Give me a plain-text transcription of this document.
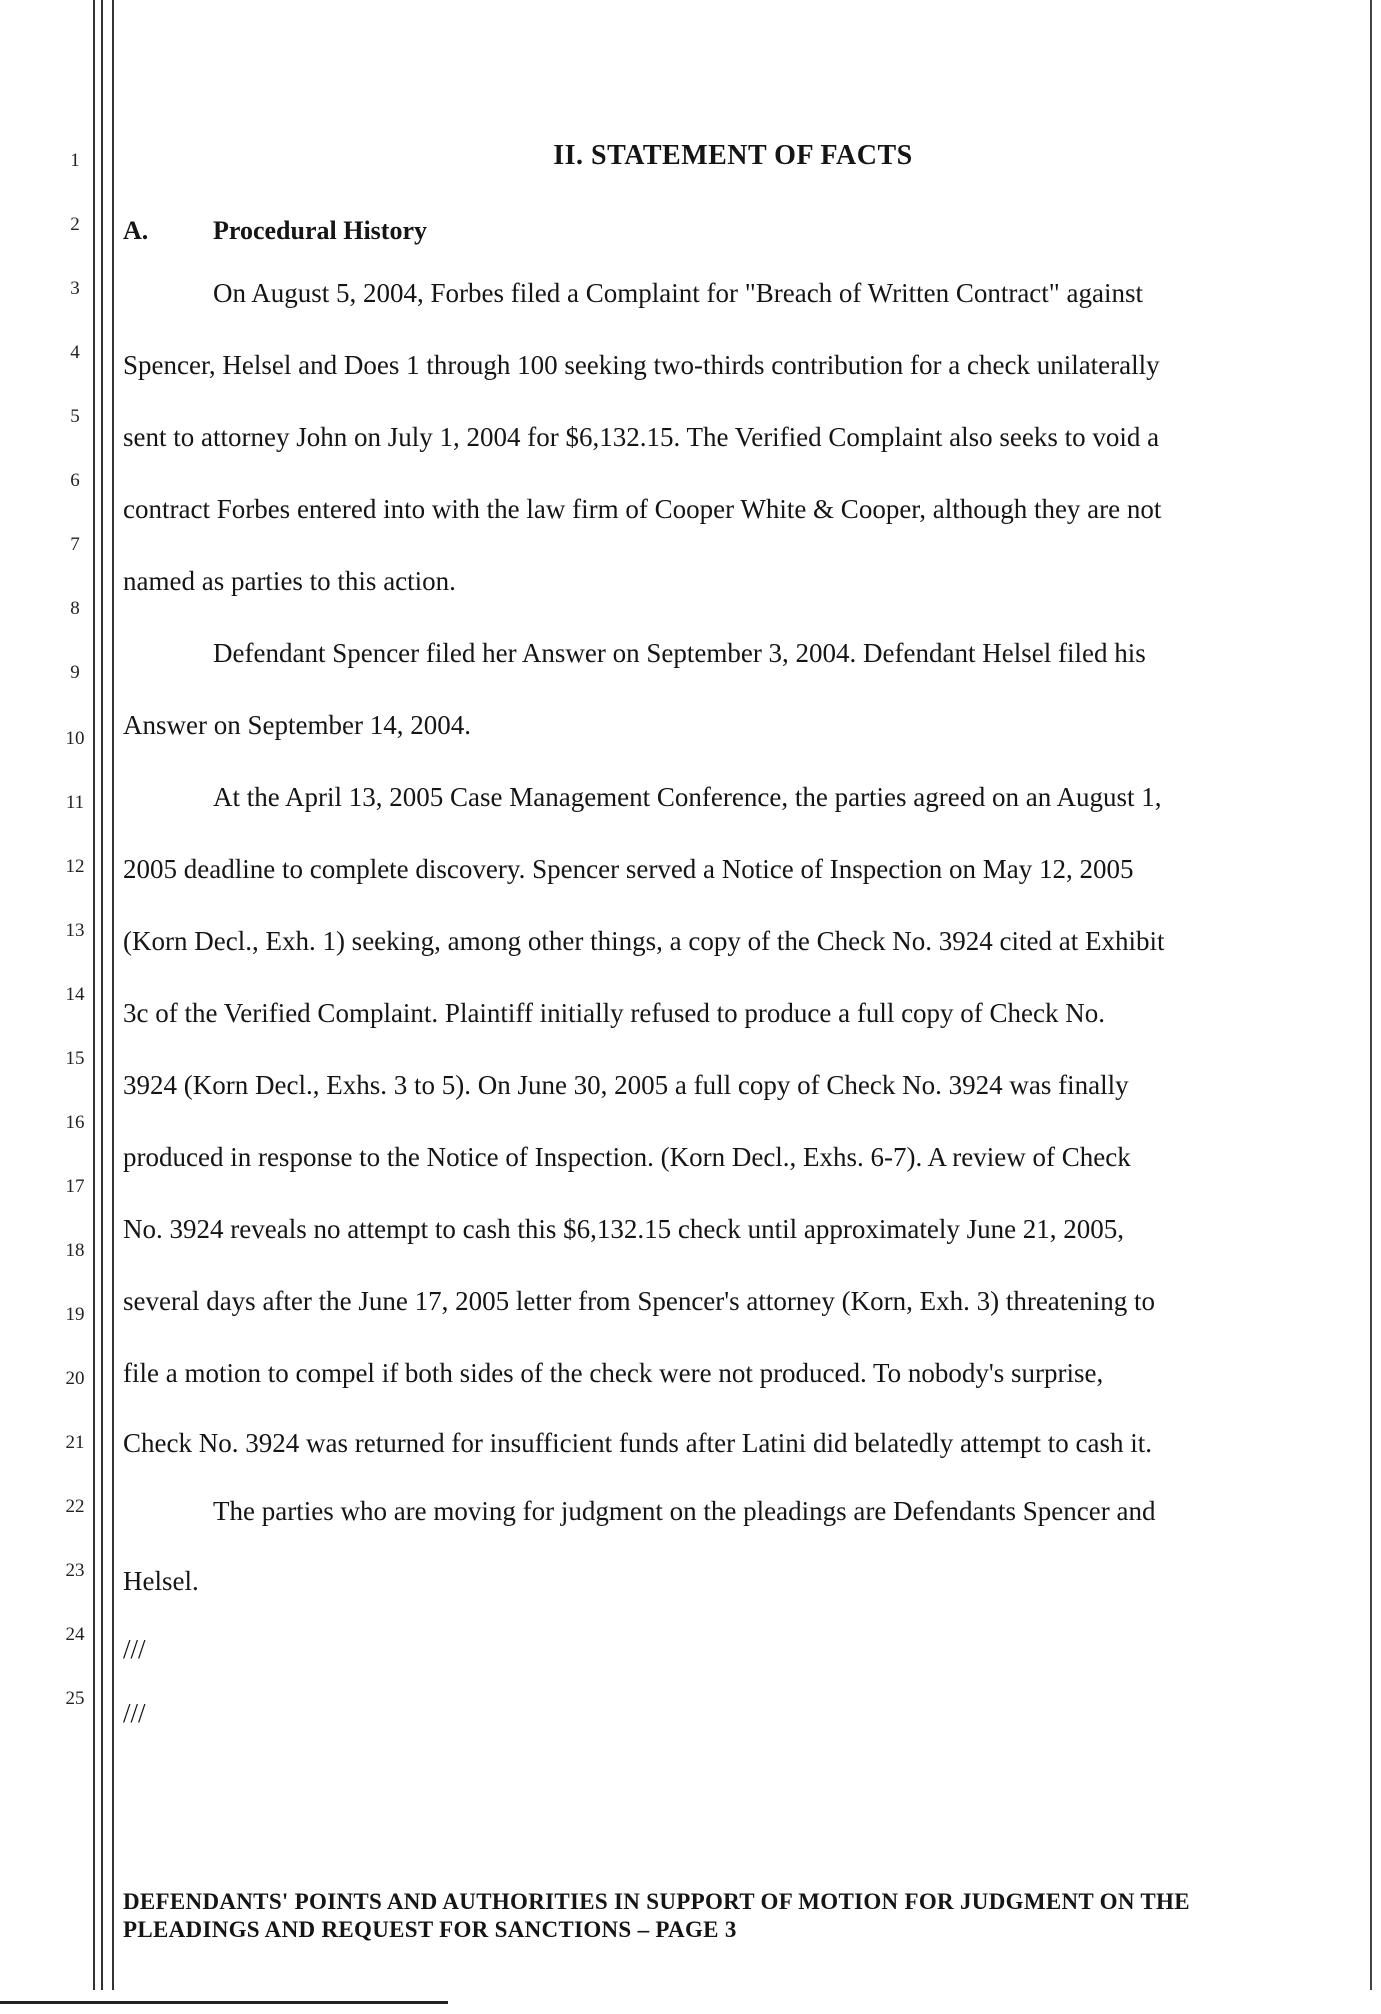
1
2
3
4
5
6
7
8
9
10
11
12
13
14
15
16
17
18
19
20
21
22
23
24
25
II. STATEMENT OF FACTS
A. Procedural History
On August 5, 2004, Forbes filed a Complaint for "Breach of Written Contract" against
Spencer, Helsel and Does 1 through 100 seeking two-thirds contribution for a check unilaterally
sent to attorney John on July 1, 2004 for $6,132.15. The Verified Complaint also seeks to void a
contract Forbes entered into with the law firm of Cooper White & Cooper, although they are not
named as parties to this action.
Defendant Spencer filed her Answer on September 3, 2004. Defendant Helsel filed his
Answer on September 14, 2004.
At the April 13, 2005 Case Management Conference, the parties agreed on an August 1,
2005 deadline to complete discovery. Spencer served a Notice of Inspection on May 12, 2005
(Korn Decl., Exh. 1) seeking, among other things, a copy of the Check No. 3924 cited at Exhibit
3c of the Verified Complaint. Plaintiff initially refused to produce a full copy of Check No.
3924 (Korn Decl., Exhs. 3 to 5). On June 30, 2005 a full copy of Check No. 3924 was finally
produced in response to the Notice of Inspection. (Korn Decl., Exhs. 6-7). A review of Check
No. 3924 reveals no attempt to cash this $6,132.15 check until approximately June 21, 2005,
several days after the June 17, 2005 letter from Spencer's attorney (Korn, Exh. 3) threatening to
file a motion to compel if both sides of the check were not produced. To nobody's surprise,
Check No. 3924 was returned for insufficient funds after Latini did belatedly attempt to cash it.
The parties who are moving for judgment on the pleadings are Defendants Spencer and
Helsel.
///
///
DEFENDANTS' POINTS AND AUTHORITIES IN SUPPORT OF MOTION FOR JUDGMENT ON THE
PLEADINGS AND REQUEST FOR SANCTIONS – PAGE 3
